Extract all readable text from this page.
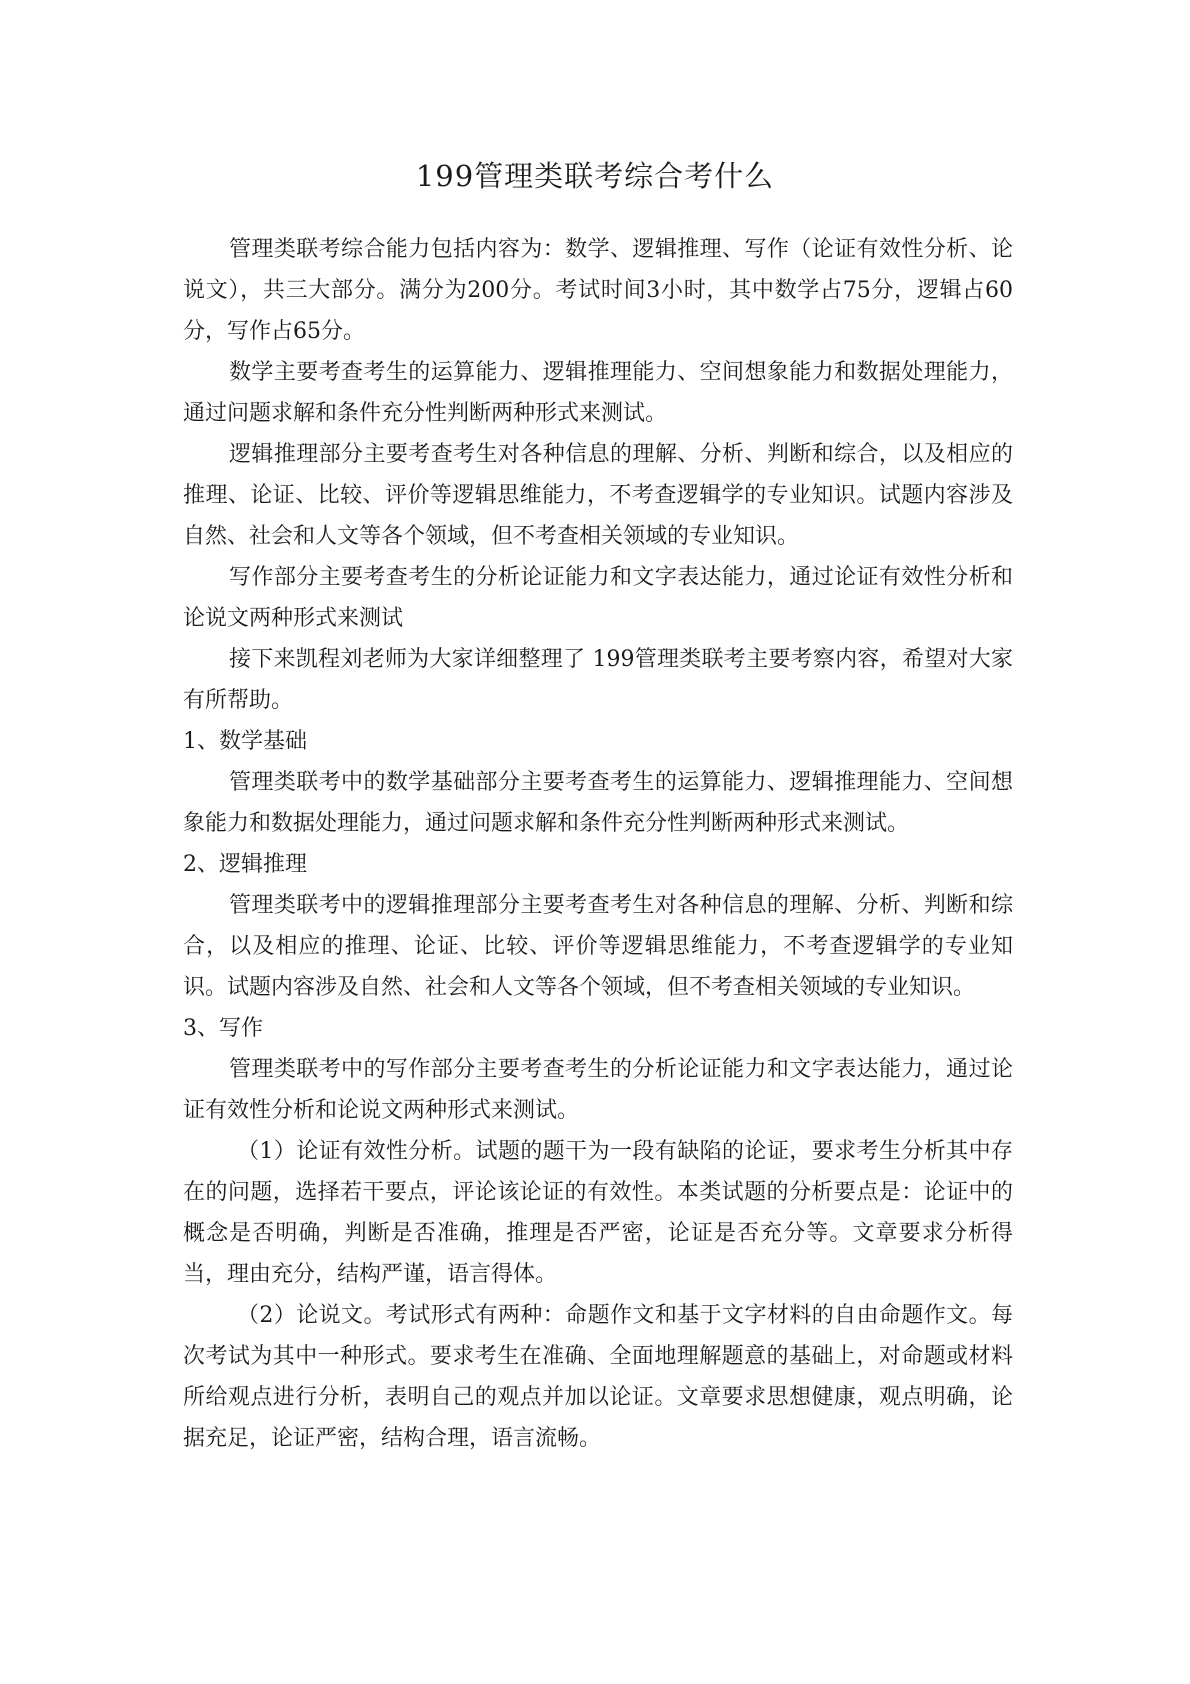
199管理类联考综合考什么

管理类联考综合能力包括内容为：数学、逻辑推理、写作（论证有效性分析、论说文），共三大部分。满分为200分。考试时间3小时，其中数学占75分，逻辑占60分，写作占65分。

数学主要考查考生的运算能力、逻辑推理能力、空间想象能力和数据处理能力，通过问题求解和条件充分性判断两种形式来测试。

逻辑推理部分主要考查考生对各种信息的理解、分析、判断和综合，以及相应的推理、论证、比较、评价等逻辑思维能力，不考查逻辑学的专业知识。试题内容涉及自然、社会和人文等各个领域，但不考查相关领域的专业知识。

写作部分主要考查考生的分析论证能力和文字表达能力，通过论证有效性分析和论说文两种形式来测试

接下来凯程刘老师为大家详细整理了 199管理类联考主要考察内容，希望对大家有所帮助。

1、数学基础

管理类联考中的数学基础部分主要考查考生的运算能力、逻辑推理能力、空间想象能力和数据处理能力，通过问题求解和条件充分性判断两种形式来测试。

2、逻辑推理

管理类联考中的逻辑推理部分主要考查考生对各种信息的理解、分析、判断和综合，以及相应的推理、论证、比较、评价等逻辑思维能力，不考查逻辑学的专业知识。试题内容涉及自然、社会和人文等各个领域，但不考查相关领域的专业知识。

3、写作

管理类联考中的写作部分主要考查考生的分析论证能力和文字表达能力，通过论证有效性分析和论说文两种形式来测试。

（1）论证有效性分析。试题的题干为一段有缺陷的论证，要求考生分析其中存在的问题，选择若干要点，评论该论证的有效性。本类试题的分析要点是：论证中的概念是否明确，判断是否准确，推理是否严密，论证是否充分等。文章要求分析得当，理由充分，结构严谨，语言得体。

（2）论说文。考试形式有两种：命题作文和基于文字材料的自由命题作文。每次考试为其中一种形式。要求考生在准确、全面地理解题意的基础上，对命题或材料所给观点进行分析，表明自己的观点并加以论证。文章要求思想健康，观点明确，论据充足，论证严密，结构合理，语言流畅。
